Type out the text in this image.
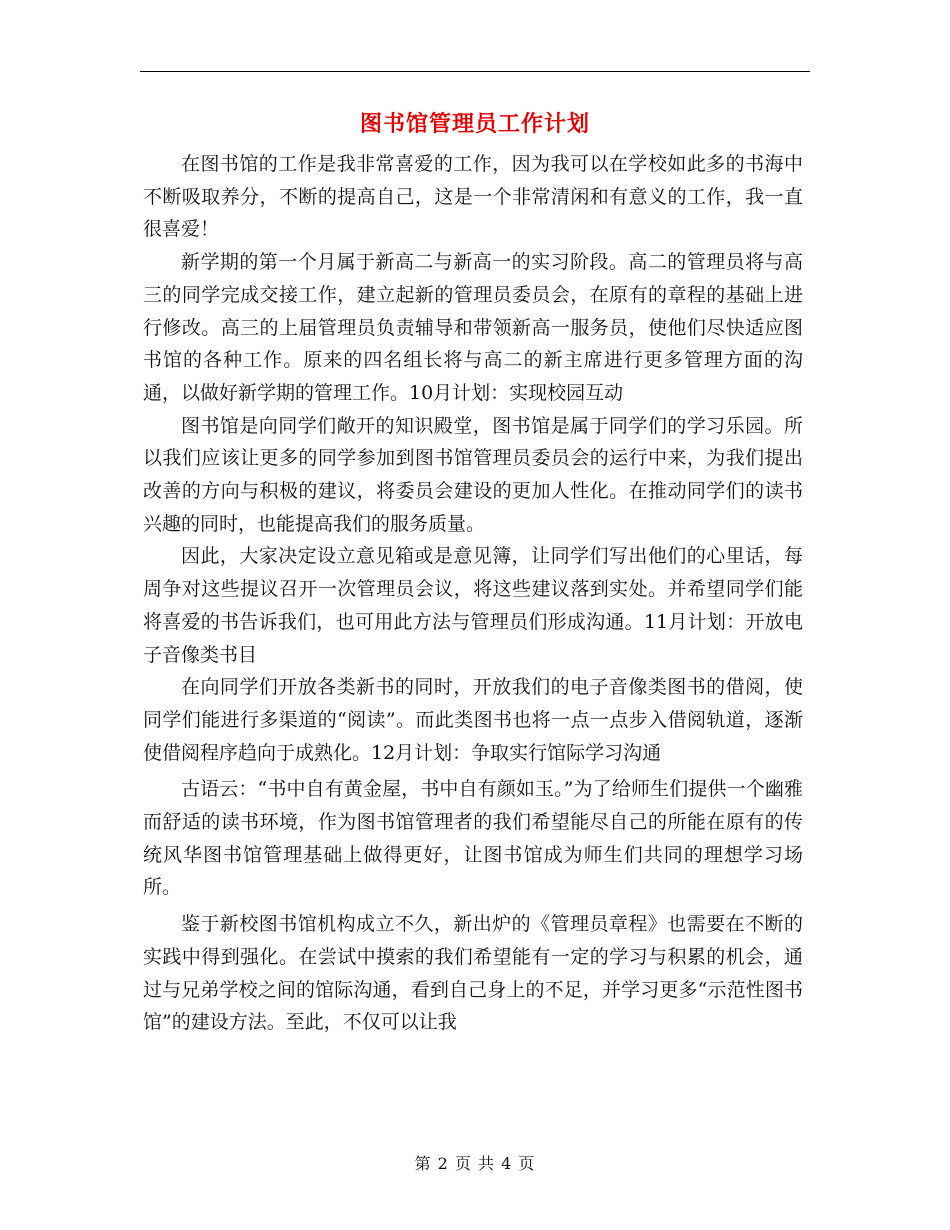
图书馆管理员工作计划

在图书馆的工作是我非常喜爱的工作，因为我可以在学校如此多的书海中不断吸取养分，不断的提高自己，这是一个非常清闲和有意义的工作，我一直很喜爱！

新学期的第一个月属于新高二与新高一的实习阶段。高二的管理员将与高三的同学完成交接工作，建立起新的管理员委员会，在原有的章程的基础上进行修改。高三的上届管理员负责辅导和带领新高一服务员，使他们尽快适应图书馆的各种工作。原来的四名组长将与高二的新主席进行更多管理方面的沟通，以做好新学期的管理工作。10月计划：实现校园互动

图书馆是向同学们敞开的知识殿堂，图书馆是属于同学们的学习乐园。所以我们应该让更多的同学参加到图书馆管理员委员会的运行中来，为我们提出改善的方向与积极的建议，将委员会建设的更加人性化。在推动同学们的读书兴趣的同时，也能提高我们的服务质量。

因此，大家决定设立意见箱或是意见簿，让同学们写出他们的心里话，每周争对这些提议召开一次管理员会议，将这些建议落到实处。并希望同学们能将喜爱的书告诉我们，也可用此方法与管理员们形成沟通。11月计划：开放电子音像类书目

在向同学们开放各类新书的同时，开放我们的电子音像类图书的借阅，使同学们能进行多渠道的“阅读”。而此类图书也将一点一点步入借阅轨道，逐渐使借阅程序趋向于成熟化。12月计划：争取实行馆际学习沟通

古语云：“书中自有黄金屋，书中自有颜如玉。”为了给师生们提供一个幽雅而舒适的读书环境，作为图书馆管理者的我们希望能尽自己的所能在原有的传统风华图书馆管理基础上做得更好，让图书馆成为师生们共同的理想学习场所。

鉴于新校图书馆机构成立不久，新出炉的《管理员章程》也需要在不断的实践中得到强化。在尝试中摸索的我们希望能有一定的学习与积累的机会，通过与兄弟学校之间的馆际沟通，看到自己身上的不足，并学习更多“示范性图书馆”的建设方法。至此，不仅可以让我

第 2 页 共 4 页
